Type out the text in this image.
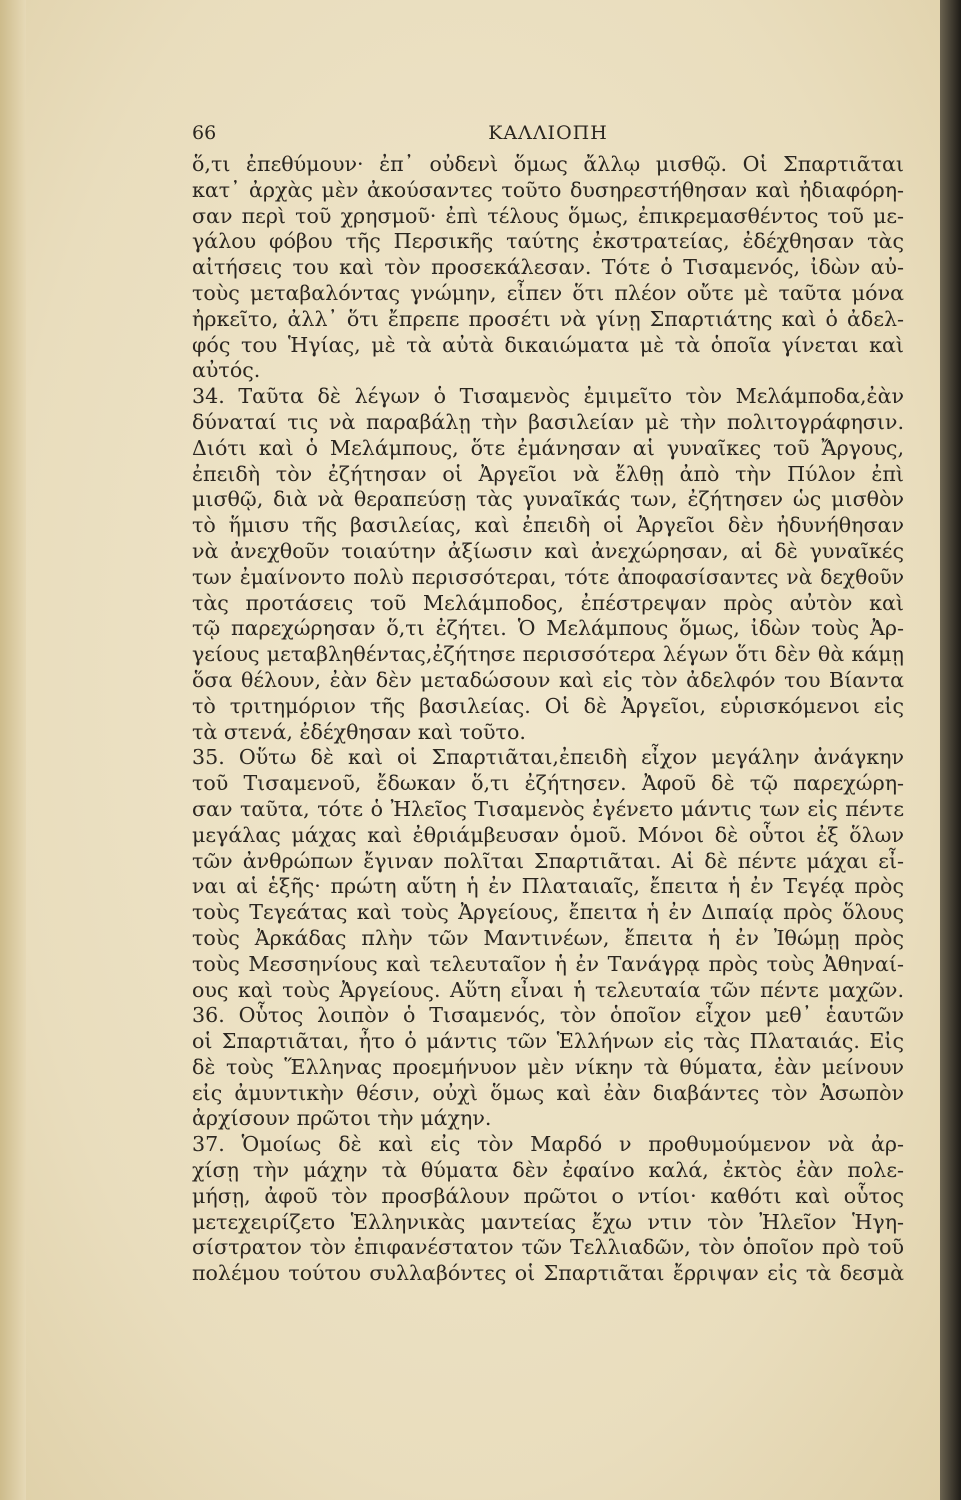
66	ΚΑΛΛΙΟΠΗ
ὅ,τι ἐπεθύμουν· ἐπ᾿ οὐδενὶ ὅμως ἄλλῳ μισθῷ. Οἱ Σπαρτιᾶται
κατ᾿ ἀρχὰς μὲν ἀκούσαντες τοῦτο δυσηρεστήθησαν καὶ ἠδιαφόρη-
σαν περὶ τοῦ χρησμοῦ· ἐπὶ τέλους ὅμως, ἐπικρεμασθέντος τοῦ με-
γάλου φόβου τῆς Περσικῆς ταύτης ἐκστρατείας, ἐδέχθησαν τὰς
αἰτήσεις του καὶ τὸν προσεκάλεσαν. Τότε ὁ Τισαμενός, ἰδὼν αὐ-
τοὺς μεταβαλόντας γνώμην, εἶπεν ὅτι πλέον οὔτε μὲ ταῦτα μόνα
ἠρκεῖτο, ἀλλ᾿ ὅτι ἔπρεπε προσέτι νὰ γίνῃ Σπαρτιάτης καὶ ὁ ἀδελ-
φός του Ἡγίας, μὲ τὰ αὐτὰ δικαιώματα μὲ τὰ ὁποῖα γίνεται καὶ
αὐτός.
34. Ταῦτα δὲ λέγων ὁ Τισαμενὸς ἐμιμεῖτο τὸν Μελάμποδα,ἐὰν
δύναταί τις νὰ παραβάλῃ τὴν βασιλείαν μὲ τὴν πολιτογράφησιν.
Διότι καὶ ὁ Μελάμπους, ὅτε ἐμάνησαν αἱ γυναῖκες τοῦ Ἄργους,
ἐπειδὴ τὸν ἐζήτησαν οἱ Ἀργεῖοι νὰ ἔλθῃ ἀπὸ τὴν Πύλον ἐπὶ
μισθῷ, διὰ νὰ θεραπεύσῃ τὰς γυναῖκάς των, ἐζήτησεν ὡς μισθὸν
τὸ ἥμισυ τῆς βασιλείας, καὶ ἐπειδὴ οἱ Ἀργεῖοι δὲν ἠδυνήθησαν
νὰ ἀνεχθοῦν τοιαύτην ἀξίωσιν καὶ ἀνεχώρησαν, αἱ δὲ γυναῖκές
των ἐμαίνοντο πολὺ περισσότεραι, τότε ἀποφασίσαντες νὰ δεχθοῦν
τὰς προτάσεις τοῦ Μελάμποδος, ἐπέστρεψαν πρὸς αὐτὸν καὶ
τῷ παρεχώρησαν ὅ,τι ἐζήτει. Ὁ Μελάμπους ὅμως, ἰδὼν τοὺς Ἀρ-
γείους μεταβληθέντας,ἐζήτησε περισσότερα λέγων ὅτι δὲν θὰ κάμῃ
ὅσα θέλουν, ἐὰν δὲν μεταδώσουν καὶ εἰς τὸν ἀδελφόν του Βίαντα
τὸ τριτημόριον τῆς βασιλείας. Οἱ δὲ Ἀργεῖοι, εὑρισκόμενοι εἰς
τὰ στενά, ἐδέχθησαν καὶ τοῦτο.
35. Οὕτω δὲ καὶ οἱ Σπαρτιᾶται,ἐπειδὴ εἶχον μεγάλην ἀνάγκην
τοῦ Τισαμενοῦ, ἔδωκαν ὅ,τι ἐζήτησεν. Ἀφοῦ δὲ τῷ παρεχώρη-
σαν ταῦτα, τότε ὁ Ἠλεῖος Τισαμενὸς ἐγένετο μάντις των εἰς πέντε
μεγάλας μάχας καὶ ἐθριάμβευσαν ὁμοῦ. Μόνοι δὲ οὗτοι ἐξ ὅλων
τῶν ἀνθρώπων ἔγιναν πολῖται Σπαρτιᾶται. Αἱ δὲ πέντε μάχαι εἶ-
ναι αἱ ἑξῆς· πρώτη αὕτη ἡ ἐν Πλαταιαῖς, ἔπειτα ἡ ἐν Τεγέᾳ πρὸς
τοὺς Τεγεάτας καὶ τοὺς Ἀργείους, ἔπειτα ἡ ἐν Διπαίᾳ πρὸς ὅλους
τοὺς Ἀρκάδας πλὴν τῶν Μαντινέων, ἔπειτα ἡ ἐν Ἰθώμῃ πρὸς
τοὺς Μεσσηνίους καὶ τελευταῖον ἡ ἐν Τανάγρᾳ πρὸς τοὺς Ἀθηναί-
ους καὶ τοὺς Ἀργείους. Αὕτη εἶναι ἡ τελευταία τῶν πέντε μαχῶν.
36. Οὗτος λοιπὸν ὁ Τισαμενός, τὸν ὁποῖον εἶχον μεθ᾿ ἑαυτῶν
οἱ Σπαρτιᾶται, ἦτο ὁ μάντις τῶν Ἑλλήνων εἰς τὰς Πλαταιάς. Εἰς
δὲ τοὺς Ἕλληνας προεμήνυον μὲν νίκην τὰ θύματα, ἐὰν μείνουν
εἰς ἀμυντικὴν θέσιν, οὐχὶ ὅμως καὶ ἐὰν διαβάντες τὸν Ἀσωπὸν
ἀρχίσουν πρῶτοι τὴν μάχην.
37. Ὁμοίως δὲ καὶ εἰς τὸν Μαρδό ν προθυμούμενον νὰ ἀρ-
χίσῃ τὴν μάχην τὰ θύματα δὲν ἐφαίνο καλά, ἐκτὸς ἐὰν πολε-
μήσῃ, ἀφοῦ τὸν προσβάλουν πρῶτοι ο ντίοι· καθότι καὶ οὗτος
μετεχειρίζετο Ἑλληνικὰς μαντείας ἔχω ντιν τὸν Ἠλεῖον Ἡγη-
σίστρατον τὸν ἐπιφανέστατον τῶν Τελλιαδῶν, τὸν ὁποῖον πρὸ τοῦ
πολέμου τούτου συλλαβόντες οἱ Σπαρτιᾶται ἔρριψαν εἰς τὰ δεσμὰ
